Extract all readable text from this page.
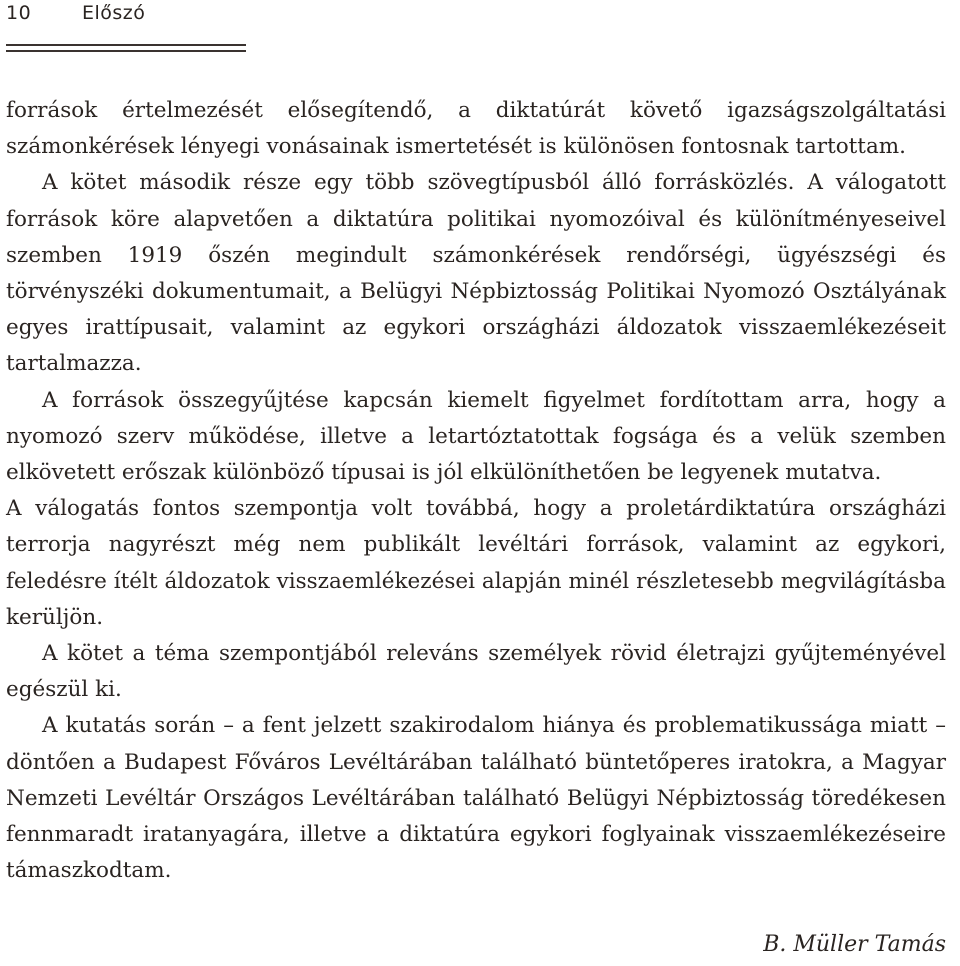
10	Előszó

források értelmezését elősegítendő, a diktatúrát követő igazságszolgáltatási számonkérések lényegi vonásainak ismertetését is különösen fontosnak tartottam.

A kötet második része egy több szövegtípusból álló forrásközlés. A válogatott források köre alapvetően a diktatúra politikai nyomozóival és különítményeseivel szemben 1919 őszén megindult számonkérések rendőrségi, ügyészségi és törvényszéki dokumentumait, a Belügyi Népbiztosság Politikai Nyomozó Osztályának egyes irattípusait, valamint az egykori országházi áldozatok visszaemlékezéseit tartalmazza.

A források összegyűjtése kapcsán kiemelt figyelmet fordítottam arra, hogy a nyomozó szerv működése, illetve a letartóztatottak fogsága és a velük szemben elkövetett erőszak különböző típusai is jól elkülöníthetően be legyenek mutatva.

A válogatás fontos szempontja volt továbbá, hogy a proletárdiktatúra országházi terrorja nagyrészt még nem publikált levéltári források, valamint az egykori, feledésre ítélt áldozatok visszaemlékezései alapján minél részletesebb megvilágításba kerüljön.

A kötet a téma szempontjából releváns személyek rövid életrajzi gyűjteményével egészül ki.

A kutatás során – a fent jelzett szakirodalom hiánya és problematikussága miatt – döntően a Budapest Főváros Levéltárában található büntetőperes iratokra, a Magyar Nemzeti Levéltár Országos Levéltárában található Belügyi Népbiztosság töredékesen fennmaradt iratanyagára, illetve a diktatúra egykori foglyainak visszaemlékezéseire támaszkodtam.

B. Müller Tamás
